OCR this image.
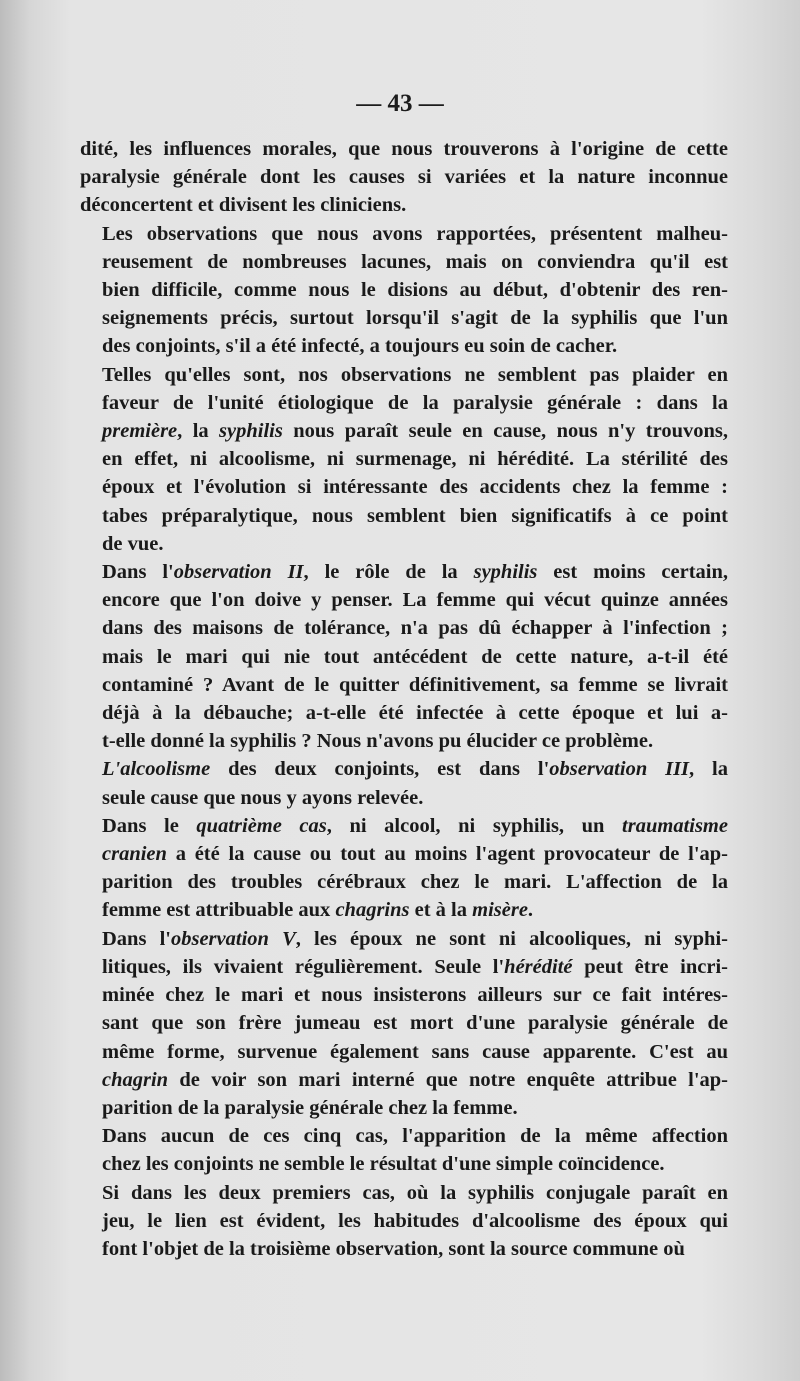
— 43 —
dité, les influences morales, que nous trouverons à l'origine de cette
paralysie générale dont les causes si variées et la nature inconnue
déconcertent et divisent les cliniciens.
Les observations que nous avons rapportées, présentent malheu-
reusement de nombreuses lacunes, mais on conviendra qu'il est
bien difficile, comme nous le disions au début, d'obtenir des ren-
seignements précis, surtout lorsqu'il s'agit de la syphilis que l'un
des conjoints, s'il a été infecté, a toujours eu soin de cacher.
Telles qu'elles sont, nos observations ne semblent pas plaider en
faveur de l'unité étiologique de la paralysie générale : dans la
première, la syphilis nous paraît seule en cause, nous n'y trouvons,
en effet, ni alcoolisme, ni surmenage, ni hérédité. La stérilité des
époux et l'évolution si intéressante des accidents chez la femme :
tabes préparalytique, nous semblent bien significatifs à ce point
de vue.
Dans l'observation II, le rôle de la syphilis est moins certain,
encore que l'on doive y penser. La femme qui vécut quinze années
dans des maisons de tolérance, n'a pas dû échapper à l'infection ;
mais le mari qui nie tout antécédent de cette nature, a-t-il été
contaminé ? Avant de le quitter définitivement, sa femme se livrait
déjà à la débauche; a-t-elle été infectée à cette époque et lui a-
t-elle donné la syphilis ? Nous n'avons pu élucider ce problème.
L'alcoolisme des deux conjoints, est dans l'observation III, la
seule cause que nous y ayons relevée.
Dans le quatrième cas, ni alcool, ni syphilis, un traumatisme
cranien a été la cause ou tout au moins l'agent provocateur de l'ap-
parition des troubles cérébraux chez le mari. L'affection de la
femme est attribuable aux chagrins et à la misère.
Dans l'observation V, les époux ne sont ni alcooliques, ni syphi-
litiques, ils vivaient régulièrement. Seule l'hérédité peut être incri-
minée chez le mari et nous insisterons ailleurs sur ce fait intéres-
sant que son frère jumeau est mort d'une paralysie générale de
même forme, survenue également sans cause apparente. C'est au
chagrin de voir son mari interné que notre enquête attribue l'ap-
parition de la paralysie générale chez la femme.
Dans aucun de ces cinq cas, l'apparition de la même affection
chez les conjoints ne semble le résultat d'une simple coïncidence.
Si dans les deux premiers cas, où la syphilis conjugale paraît en
jeu, le lien est évident, les habitudes d'alcoolisme des époux qui
font l'objet de la troisième observation, sont la source commune où
